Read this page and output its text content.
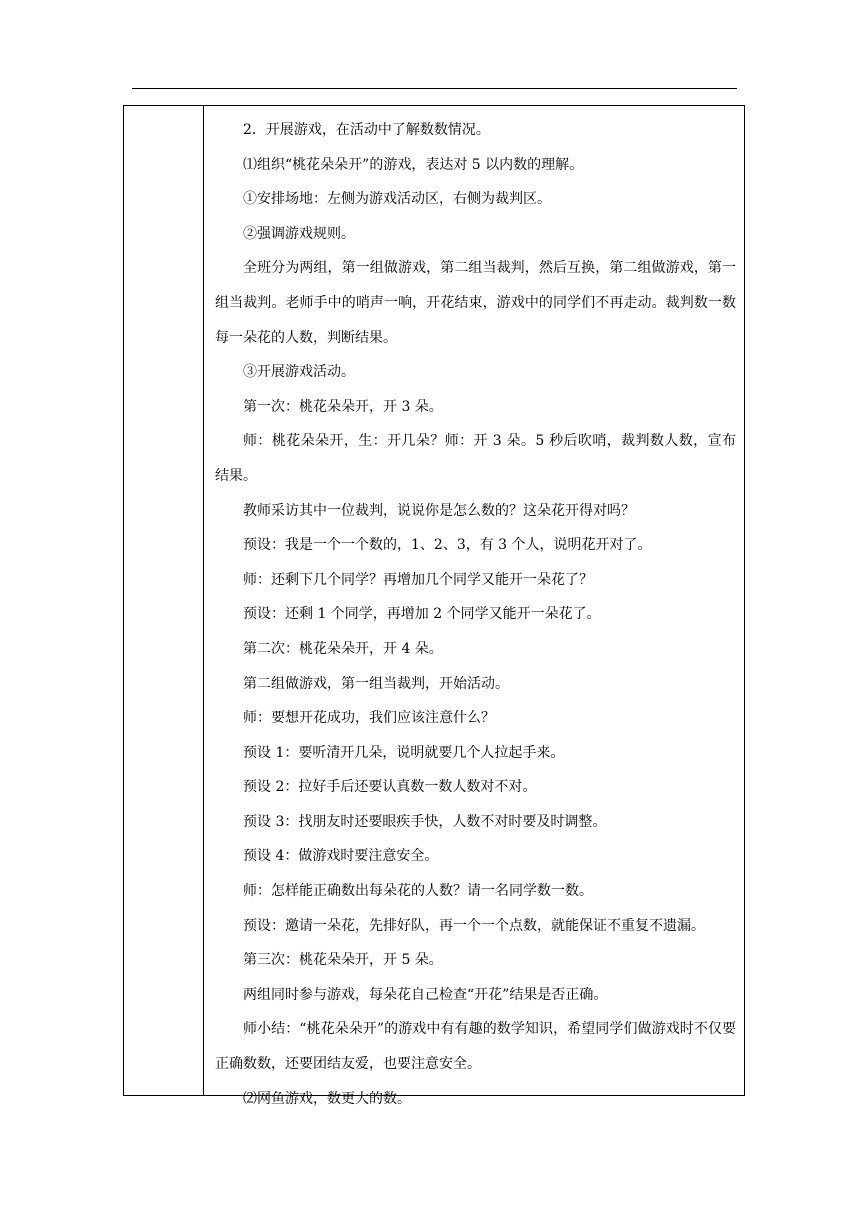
2．开展游戏，在活动中了解数数情况。

⑴组织“桃花朵朵开”的游戏，表达对 5 以内数的理解。

①安排场地：左侧为游戏活动区，右侧为裁判区。

②强调游戏规则。

全班分为两组，第一组做游戏，第二组当裁判，然后互换，第二组做游戏，第一组当裁判。老师手中的哨声一响，开花结束，游戏中的同学们不再走动。裁判数一数每一朵花的人数，判断结果。

③开展游戏活动。

第一次：桃花朵朵开，开 3 朵。

师：桃花朵朵开，生：开几朵？师：开 3 朵。5 秒后吹哨，裁判数人数，宣布结果。

教师采访其中一位裁判，说说你是怎么数的？这朵花开得对吗？

预设：我是一个一个数的，1、2、3，有 3 个人，说明花开对了。

师：还剩下几个同学？再增加几个同学又能开一朵花了？

预设：还剩 1 个同学，再增加 2 个同学又能开一朵花了。

第二次：桃花朵朵开，开 4 朵。

第二组做游戏，第一组当裁判，开始活动。

师：要想开花成功，我们应该注意什么？

预设 1：要听清开几朵，说明就要几个人拉起手来。

预设 2：拉好手后还要认真数一数人数对不对。

预设 3：找朋友时还要眼疾手快，人数不对时要及时调整。

预设 4：做游戏时要注意安全。

师：怎样能正确数出每朵花的人数？请一名同学数一数。

预设：邀请一朵花，先排好队，再一个一个点数，就能保证不重复不遗漏。

第三次：桃花朵朵开，开 5 朵。

两组同时参与游戏，每朵花自己检查“开花”结果是否正确。

师小结：“桃花朵朵开”的游戏中有有趣的数学知识，希望同学们做游戏时不仅要正确数数，还要团结友爱，也要注意安全。

⑵网鱼游戏，数更大的数。
